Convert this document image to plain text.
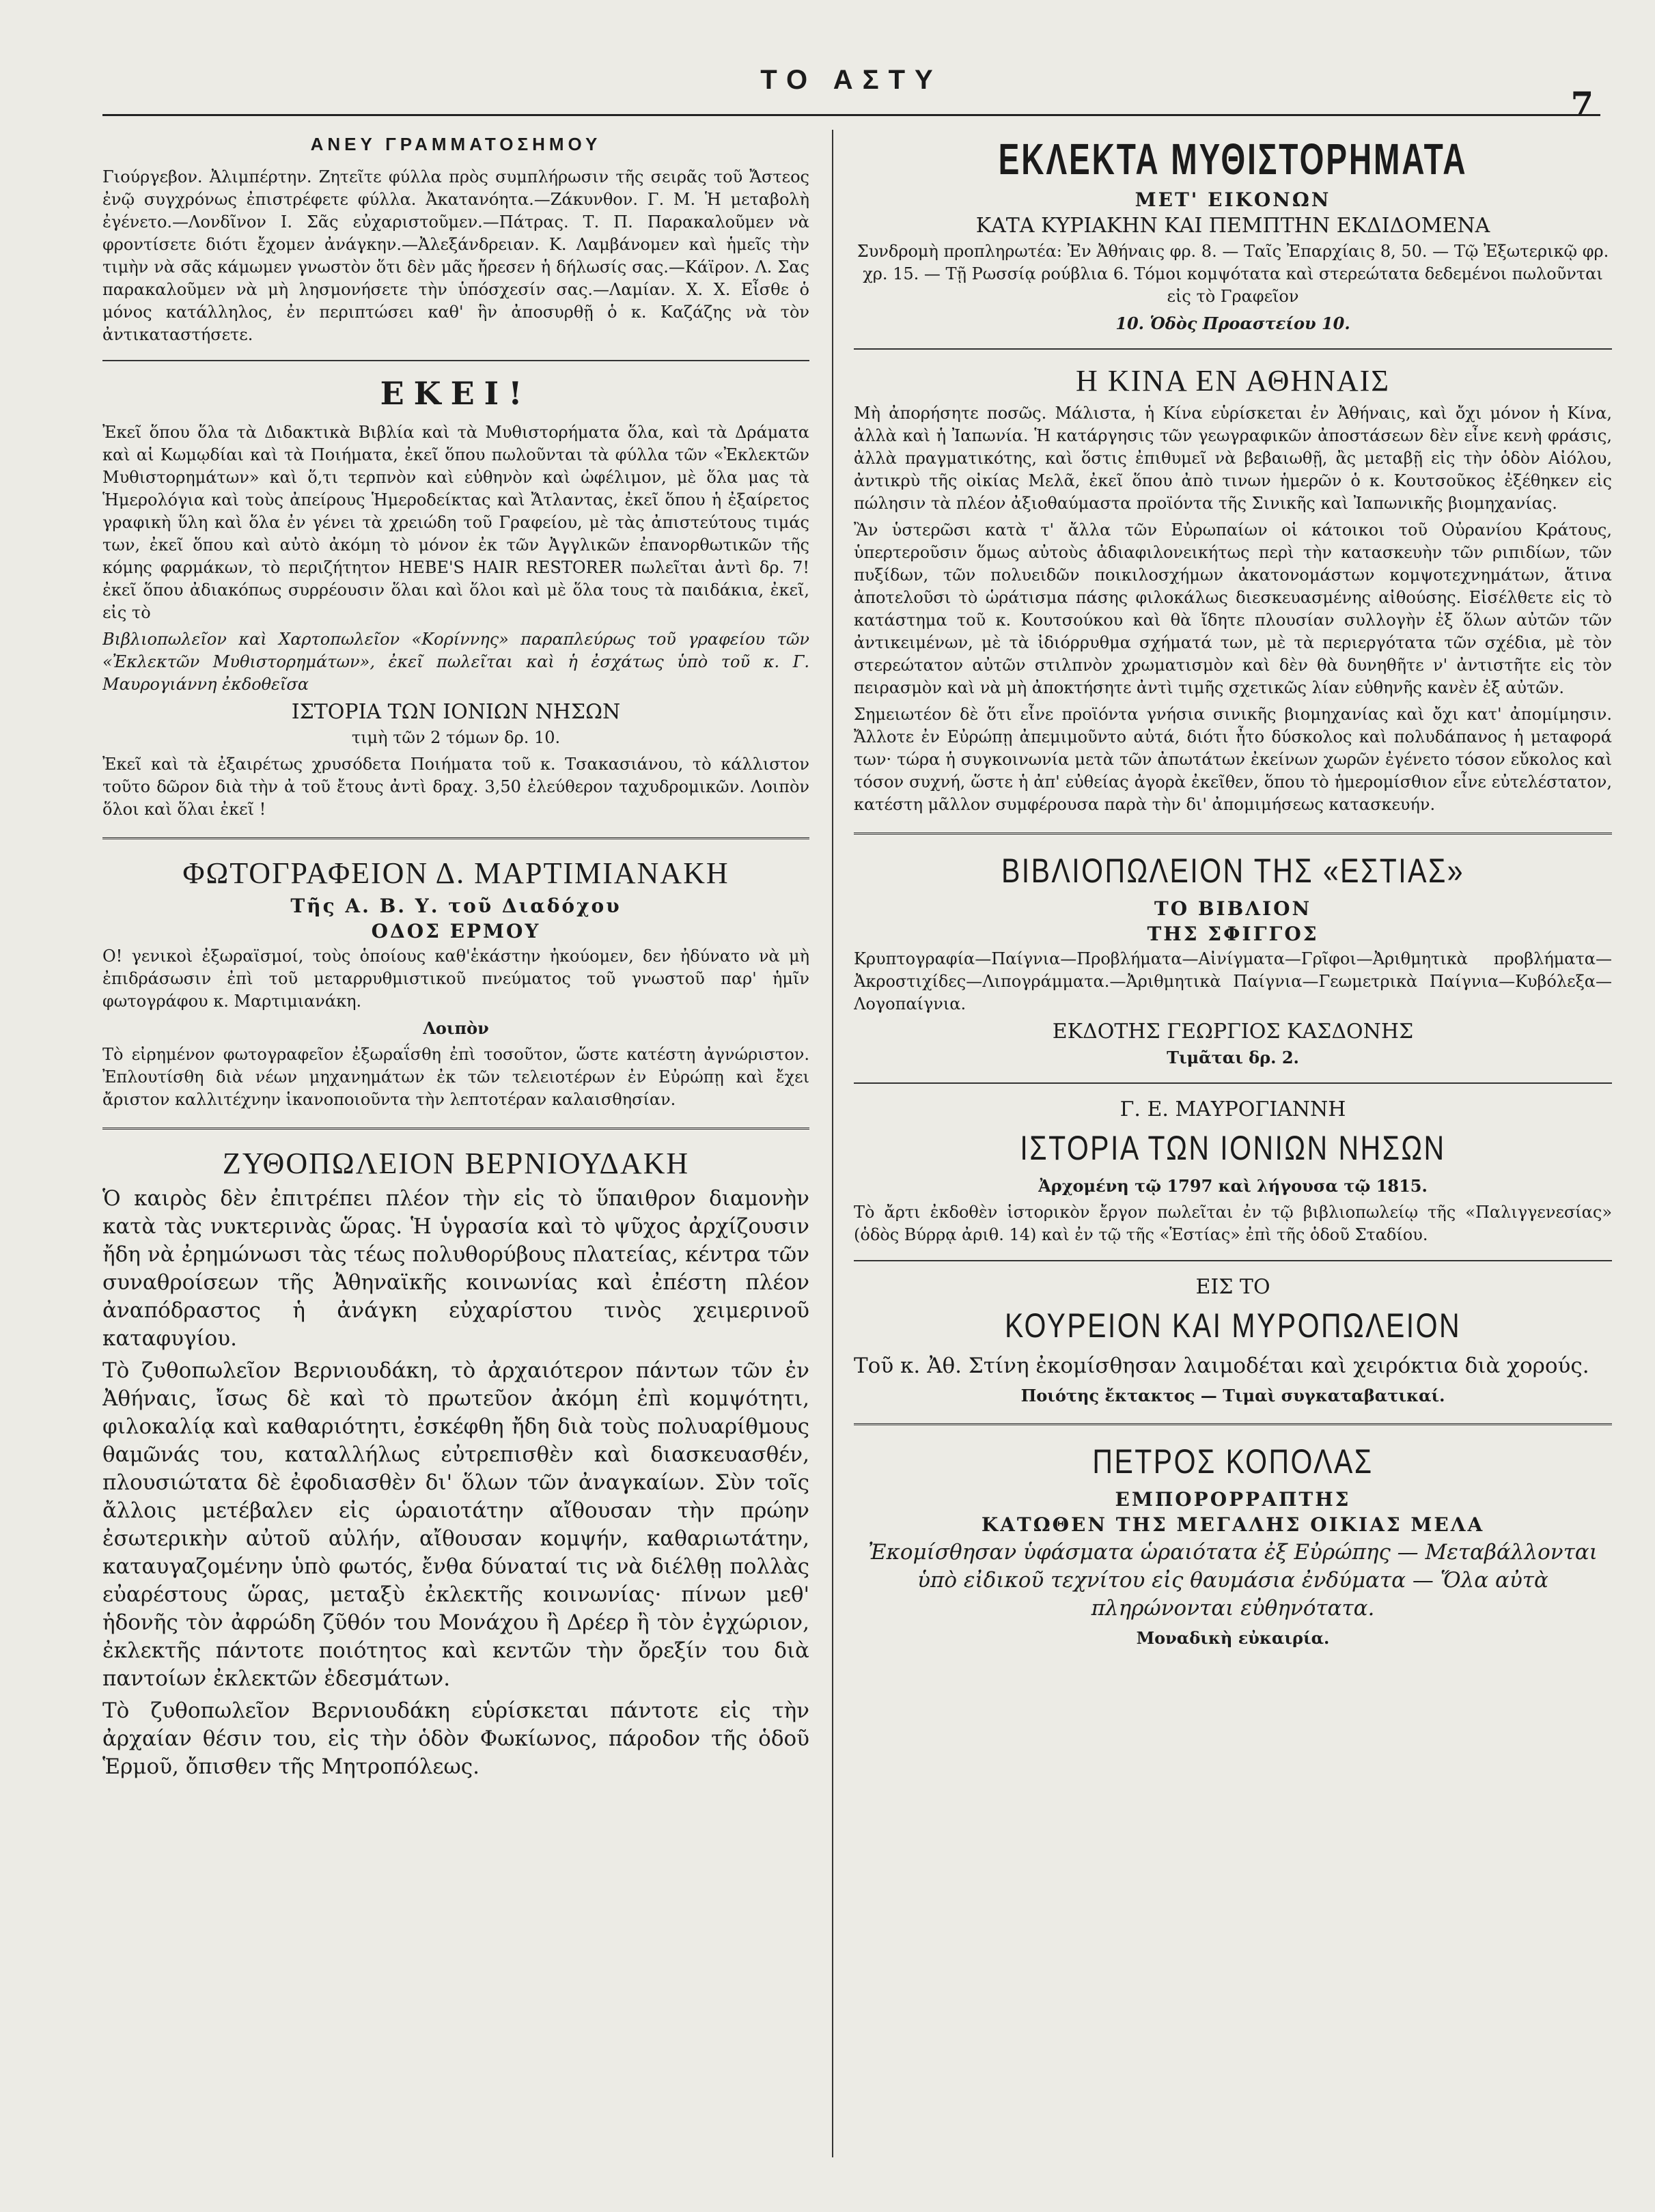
ΤΟ ΑΣΤΥ
7
ΑΝΕΥ ΓΡΑΜΜΑΤΟΣΗΜΟΥ

Γιούργεβον. Ἀλιμπέρτην. Ζητεῖτε φύλλα πρὸς συμπλήρωσιν τῆς σειρᾶς τοῦ Ἄστεος ἐνῷ συγχρόνως ἐπιστρέφετε φύλλα. Ἀκατανόητα.—Ζάκυνθον. Γ. Μ. Ἡ μεταβολὴ ἐγένετο.—Λονδῖνον Ι. Σᾶς εὐχαριστοῦμεν.—Πάτρας. Τ. Π. Παρακαλοῦμεν νὰ φροντίσετε διότι ἔχομεν ἀνάγκην.—Ἀλεξάνδρειαν. Κ. Λαμβάνομεν καὶ ἡμεῖς τὴν τιμὴν νὰ σᾶς κάμωμεν γνωστὸν ὅτι δὲν μᾶς ἤρεσεν ἡ δήλωσίς σας.—Κάϊρον. Λ. Σας παρακαλοῦμεν νὰ μὴ λησμονήσετε τὴν ὑπόσχεσίν σας.—Λαμίαν. Χ. Χ. Εἶσθε ὁ μόνος κατάλληλος, ἐν περιπτώσει καθ' ἣν ἀποσυρθῇ ὁ κ. Καζάζης νὰ τὸν ἀντικαταστήσετε.

ΕΚΕΙ!

Ἐκεῖ ὅπου ὅλα τὰ Διδακτικὰ Βιβλία καὶ τὰ Μυθιστορήματα ὅλα, καὶ τὰ Δράματα καὶ αἱ Κωμῳδίαι καὶ τὰ Ποιήματα, ἐκεῖ ὅπου πωλοῦνται τὰ φύλλα τῶν «Ἐκλεκτῶν Μυθιστορημάτων» καὶ ὅ,τι τερπνὸν καὶ εὐθηνὸν καὶ ὠφέλιμον, μὲ ὅλα μας τὰ Ἡμερολόγια καὶ τοὺς ἀπείρους Ἡμεροδείκτας καὶ Ἄτλαντας, ἐκεῖ ὅπου ἡ ἐξαίρετος γραφικὴ ὕλη καὶ ὅλα ἐν γένει τὰ χρειώδη τοῦ Γραφείου, μὲ τὰς ἀπιστεύτους τιμάς των, ἐκεῖ ὅπου καὶ αὐτὸ ἀκόμη τὸ μόνον ἐκ τῶν Ἀγγλικῶν ἐπανορθωτικῶν τῆς κόμης φαρμάκων, τὸ περιζήτητον HEBE'S HAIR RESTORER πωλεῖται ἀντὶ δρ. 7! ἐκεῖ ὅπου ἀδιακόπως συρρέουσιν ὅλαι καὶ ὅλοι καὶ μὲ ὅλα τους τὰ παιδάκια, ἐκεῖ, εἰς τὸ

Βιβλιοπωλεῖον καὶ Χαρτοπωλεῖον «Κορίννης» παραπλεύρως τοῦ γραφείου τῶν «Ἐκλεκτῶν Μυθιστορημάτων», ἐκεῖ πωλεῖται καὶ ἡ ἐσχάτως ὑπὸ τοῦ κ. Γ. Μαυρογιάννη ἐκδοθεῖσα

ΙΣΤΟΡΙΑ ΤΩΝ ΙΟΝΙΩΝ ΝΗΣΩΝ

τιμὴ τῶν 2 τόμων δρ. 10.

Ἐκεῖ καὶ τὰ ἐξαιρέτως χρυσόδετα Ποιήματα τοῦ κ. Τσακασιάνου, τὸ κάλλιστον τοῦτο δῶρον διὰ τὴν ἀ τοῦ ἔτους ἀντὶ δραχ. 3,50 ἐλεύθερον ταχυδρομικῶν. Λοιπὸν ὅλοι καὶ ὅλαι ἐκεῖ !

ΦΩΤΟΓΡΑΦΕΙΟΝ Δ. ΜΑΡΤΙΜΙΑΝΑΚΗ
Τῆς Α. Β. Υ. τοῦ Διαδόχου
ΟΔΟΣ ΕΡΜΟΥ

Ο! γενικοὶ ἐξωραϊσμοί, τοὺς ὁποίους καθ'ἑκάστην ἠκούομεν, δεν ἠδύνατο νὰ μὴ ἐπιδράσωσιν ἐπὶ τοῦ μεταρρυθμιστικοῦ πνεύματος τοῦ γνωστοῦ παρ' ἡμῖν φωτογράφου κ. Μαρτιμιανάκη.

Λοιπὸν

Τὸ εἰρημένον φωτογραφεῖον ἐξωραΐσθη ἐπὶ τοσοῦτον, ὥστε κατέστη ἀγνώριστον. Ἐπλουτίσθη διὰ νέων μηχανημάτων ἐκ τῶν τελειοτέρων ἐν Εὐρώπῃ καὶ ἔχει ἄριστον καλλιτέχνην ἱκανοποιοῦντα τὴν λεπτοτέραν καλαισθησίαν.

ΖΥΘΟΠΩΛΕΙΟΝ ΒΕΡΝΙΟΥΔΑΚΗ

Ὁ καιρὸς δὲν ἐπιτρέπει πλέον τὴν εἰς τὸ ὕπαιθρον διαμονὴν κατὰ τὰς νυκτερινὰς ὥρας. Ἡ ὑγρασία καὶ τὸ ψῦχος ἀρχίζουσιν ἤδη νὰ ἐρημώνωσι τὰς τέως πολυθορύβους πλατείας, κέντρα τῶν συναθροίσεων τῆς Ἀθηναϊκῆς κοινωνίας καὶ ἐπέστη πλέον ἀναπόδραστος ἡ ἀνάγκη εὐχαρίστου τινὸς χειμερινοῦ καταφυγίου.

Τὸ ζυθοπωλεῖον Βερνιουδάκη, τὸ ἀρχαιότερον πάντων τῶν ἐν Ἀθήναις, ἴσως δὲ καὶ τὸ πρωτεῦον ἀκόμη ἐπὶ κομψότητι, φιλοκαλίᾳ καὶ καθαριότητι, ἐσκέφθη ἤδη διὰ τοὺς πολυαρίθμους θαμῶνάς του, καταλλήλως εὐτρεπισθὲν καὶ διασκευασθέν, πλουσιώτατα δὲ ἐφοδιασθὲν δι' ὅλων τῶν ἀναγκαίων. Σὺν τοῖς ἄλλοις μετέβαλεν εἰς ὡραιοτάτην αἴθουσαν τὴν πρώην ἐσωτερικὴν αὐτοῦ αὐλήν, αἴθουσαν κομψήν, καθαριωτάτην, καταυγαζομένην ὑπὸ φωτός, ἔνθα δύναταί τις νὰ διέλθῃ πολλὰς εὐαρέστους ὥρας, μεταξὺ ἐκλεκτῆς κοινωνίας· πίνων μεθ' ἡδονῆς τὸν ἀφρώδη ζῦθόν του Μονάχου ἢ Δρέερ ἢ τὸν ἐγχώριον, ἐκλεκτῆς πάντοτε ποιότητος καὶ κεντῶν τὴν ὄρεξίν του διὰ παντοίων ἐκλεκτῶν ἐδεσμάτων.

Τὸ ζυθοπωλεῖον Βερνιουδάκη εὑρίσκεται πάντοτε εἰς τὴν ἀρχαίαν θέσιν του, εἰς τὴν ὁδὸν Φωκίωνος, πάροδον τῆς ὁδοῦ Ἑρμοῦ, ὄπισθεν τῆς Μητροπόλεως.

ΕΚΛΕΚΤΑ ΜΥΘΙΣΤΟΡΗΜΑΤΑ
ΜΕΤ' ΕΙΚΟΝΩΝ
ΚΑΤΑ ΚΥΡΙΑΚΗΝ ΚΑΙ ΠΕΜΠΤΗΝ ΕΚΔΙΔΟΜΕΝΑ

Συνδρομὴ προπληρωτέα: Ἐν Ἀθήναις φρ. 8. — Ταῖς Ἐπαρχίαις 8, 50. — Τῷ Ἐξωτερικῷ φρ. χρ. 15. — Τῇ Ρωσσίᾳ ρούβλια 6. Τόμοι κομψότατα καὶ στερεώτατα δεδεμένοι πωλοῦνται εἰς τὸ Γραφεῖον

10. Ὁδὸς Προαστείου 10.

Η ΚΙΝΑ ΕΝ ΑΘΗΝΑΙΣ

Μὴ ἀπορήσητε ποσῶς. Μάλιστα, ἡ Κίνα εὑρίσκεται ἐν Ἀθήναις, καὶ ὄχι μόνον ἡ Κίνα, ἀλλὰ καὶ ἡ Ἰαπωνία. Ἡ κατάργησις τῶν γεωγραφικῶν ἀποστάσεων δὲν εἶνε κενὴ φράσις, ἀλλὰ πραγματικότης, καὶ ὅστις ἐπιθυμεῖ νὰ βεβαιωθῇ, ἂς μεταβῇ εἰς τὴν ὁδὸν Αἰόλου, ἀντικρὺ τῆς οἰκίας Μελᾶ, ἐκεῖ ὅπου ἀπὸ τινων ἡμερῶν ὁ κ. Κουτσοῦκος ἐξέθηκεν εἰς πώλησιν τὰ πλέον ἀξιοθαύμαστα προϊόντα τῆς Σινικῆς καὶ Ἰαπωνικῆς βιομηχανίας.

Ἂν ὑστερῶσι κατὰ τ' ἄλλα τῶν Εὐρωπαίων οἱ κάτοικοι τοῦ Οὐρανίου Κράτους, ὑπερτεροῦσιν ὅμως αὐτοὺς ἀδιαφιλονεικήτως περὶ τὴν κατασκευὴν τῶν ριπιδίων, τῶν πυξίδων, τῶν πολυειδῶν ποικιλοσχήμων ἀκατονομάστων κομψοτεχνημάτων, ἅτινα ἀποτελοῦσι τὸ ὡράτισμα πάσης φιλοκάλως διεσκευασμένης αἰθούσης. Εἰσέλθετε εἰς τὸ κατάστημα τοῦ κ. Κουτσούκου καὶ θὰ ἴδητε πλουσίαν συλλογὴν ἐξ ὅλων αὐτῶν τῶν ἀντικειμένων, μὲ τὰ ἰδιόρρυθμα σχήματά των, μὲ τὰ περιεργότατα τῶν σχέδια, μὲ τὸν στερεώτατον αὐτῶν στιλπνὸν χρωματισμὸν καὶ δὲν θὰ δυνηθῆτε ν' ἀντιστῆτε εἰς τὸν πειρασμὸν καὶ νὰ μὴ ἀποκτήσητε ἀντὶ τιμῆς σχετικῶς λίαν εὐθηνῆς κανὲν ἐξ αὐτῶν.

Σημειωτέον δὲ ὅτι εἶνε προϊόντα γνήσια σινικῆς βιομηχανίας καὶ ὄχι κατ' ἀπομίμησιν. Ἄλλοτε ἐν Εὐρώπῃ ἀπεμιμοῦντο αὐτά, διότι ἦτο δύσκολος καὶ πολυδάπανος ἡ μεταφορά των· τώρα ἡ συγκοινωνία μετὰ τῶν ἀπωτάτων ἐκείνων χωρῶν ἐγένετο τόσον εὔκολος καὶ τόσον συχνή, ὥστε ἡ ἀπ' εὐθείας ἀγορὰ ἐκεῖθεν, ὅπου τὸ ἡμερομίσθιον εἶνε εὐτελέστατον, κατέστη μᾶλλον συμφέρουσα παρὰ τὴν δι' ἀπομιμήσεως κατασκευήν.

ΒΙΒΛΙΟΠΩΛΕΙΟΝ ΤΗΣ «ΕΣΤΙΑΣ»
ΤΟ ΒΙΒΛΙΟΝ
ΤΗΣ ΣΦΙΓΓΟΣ

Κρυπτογραφία—Παίγνια—Προβλήματα—Αἰνίγματα—Γρῖφοι—Ἀριθμητικὰ προβλήματα—Ἀκροστιχίδες—Λιπογράμματα.—Ἀριθμητικὰ Παίγνια—Γεωμετρικὰ Παίγνια—Κυβόλεξα—Λογοπαίγνια.

ΕΚΔΟΤΗΣ ΓΕΩΡΓΙΟΣ ΚΑΣΔΟΝΗΣ

Τιμᾶται δρ. 2.

Γ. Ε. ΜΑΥΡΟΓΙΑΝΝΗ
ΙΣΤΟΡΙΑ ΤΩΝ ΙΟΝΙΩΝ ΝΗΣΩΝ

Ἀρχομένη τῷ 1797 καὶ λήγουσα τῷ 1815.

Τὸ ἄρτι ἐκδοθὲν ἱστορικὸν ἔργον πωλεῖται ἐν τῷ βιβλιοπωλείῳ τῆς «Παλιγγενεσίας» (ὁδὸς Βύρρᾳ ἀριθ. 14) καὶ ἐν τῷ τῆς «Ἑστίας» ἐπὶ τῆς ὁδοῦ Σταδίου.

ΕΙΣ ΤΟ
ΚΟΥΡΕΙΟΝ ΚΑΙ ΜΥΡΟΠΩΛΕΙΟΝ

Τοῦ κ. Ἀθ. Στίνη ἐκομίσθησαν λαιμοδέται καὶ χειρόκτια διὰ χορούς.

Ποιότης ἔκτακτος — Τιμαὶ συγκαταβατικαί.

ΠΕΤΡΟΣ ΚΟΠΟΛΑΣ
ΕΜΠΟΡΟΡΡΑΠΤΗΣ
ΚΑΤΩΘΕΝ ΤΗΣ ΜΕΓΑΛΗΣ ΟΙΚΙΑΣ ΜΕΛΑ

Ἐκομίσθησαν ὑφάσματα ὡραιότατα ἐξ Εὐρώπης — Μεταβάλλονται ὑπὸ εἰδικοῦ τεχνίτου εἰς θαυμάσια ἐνδύματα — Ὅλα αὐτὰ πληρώνονται εὐθηνότατα.

Μοναδικὴ εὐκαιρία.
